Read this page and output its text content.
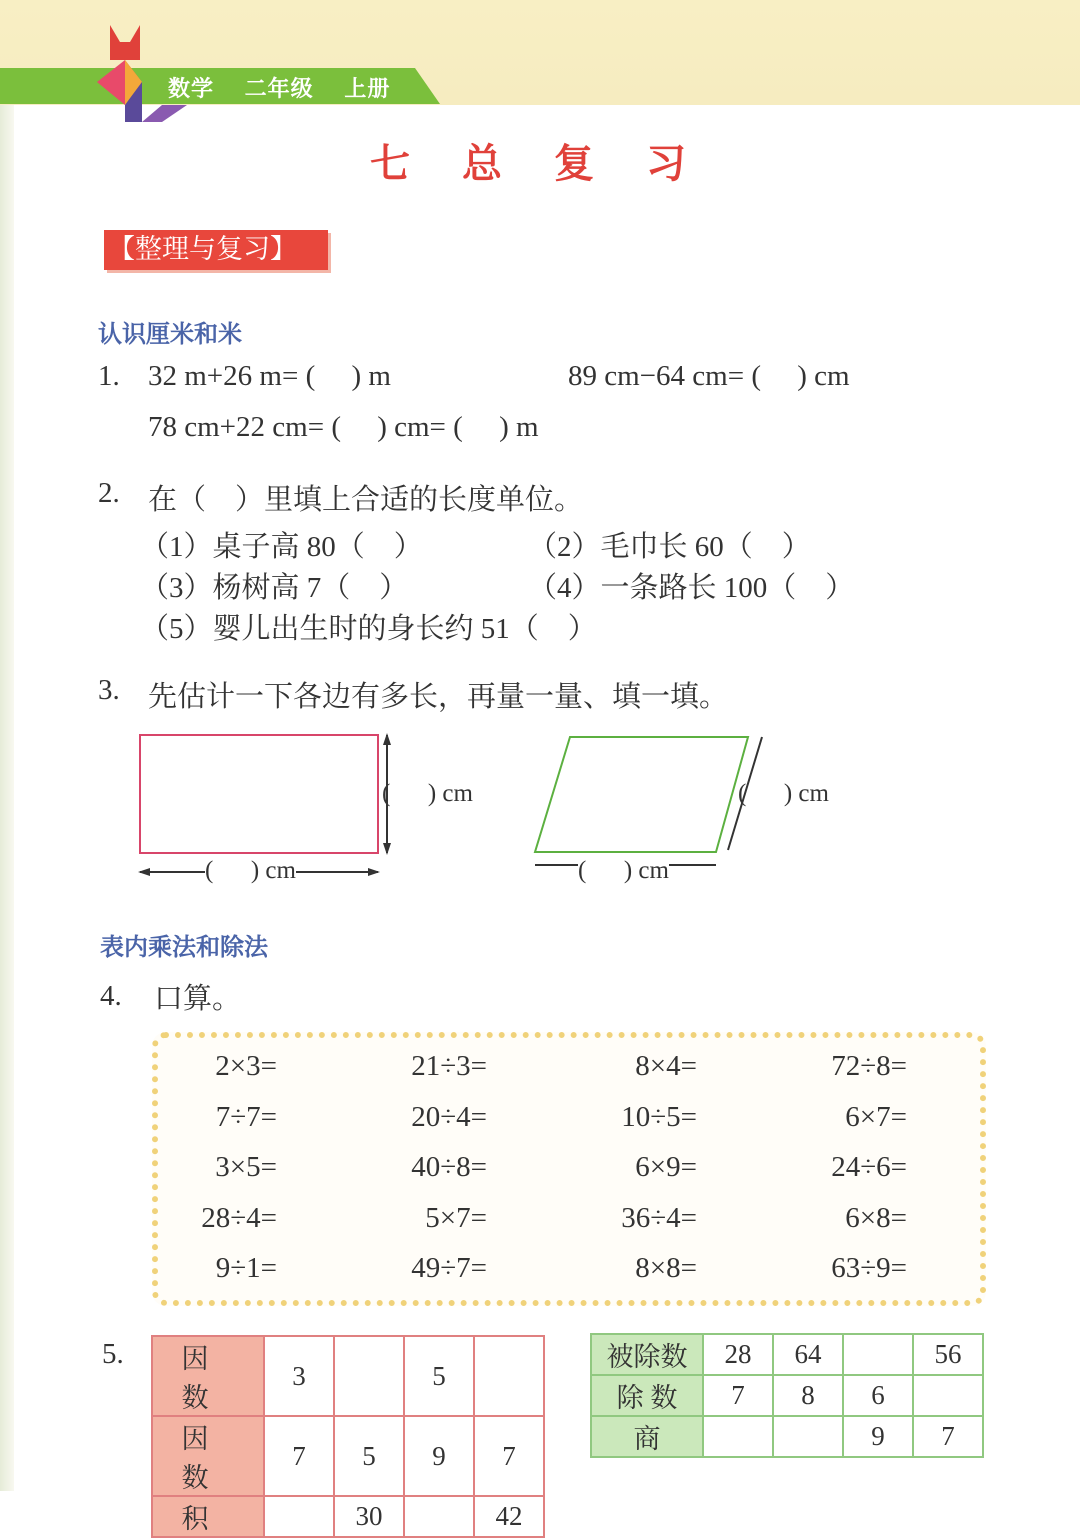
数学 二年级 上册
七总复习
【整理与复习】
认识厘米和米
1. 32 m+26 m= (     ) m	89 cm−64 cm= (     ) cm
78 cm+22 cm= (     ) cm= (     ) m
2. 在（    ）里填上合适的长度单位。
（1）桌子高 80（    ）	（2）毛巾长 60（    ）
（3）杨树高 7（    ）	（4）一条路长 100（    ）
（5）婴儿出生时的身长约 51（    ）
3. 先估计一下各边有多长，再量一量、填一填。
(      ) cm
(      ) cm
(      ) cm
(      ) cm
表内乘法和除法
4. 口算。
2×3=	21÷3=	8×4=	72÷8=
7÷7=	20÷4=	10÷5=	6×7=
3×5=	40÷8=	6×9=	24÷6=
28÷4=	5×7=	36÷4=	6×8=
9÷1=	49÷7=	8×8=	63÷9=
5. 因数	3		5	
因数	7	5	9	7
积		30		42
被除数	28	64		56
除 数	7	8	6	
商			9	7
